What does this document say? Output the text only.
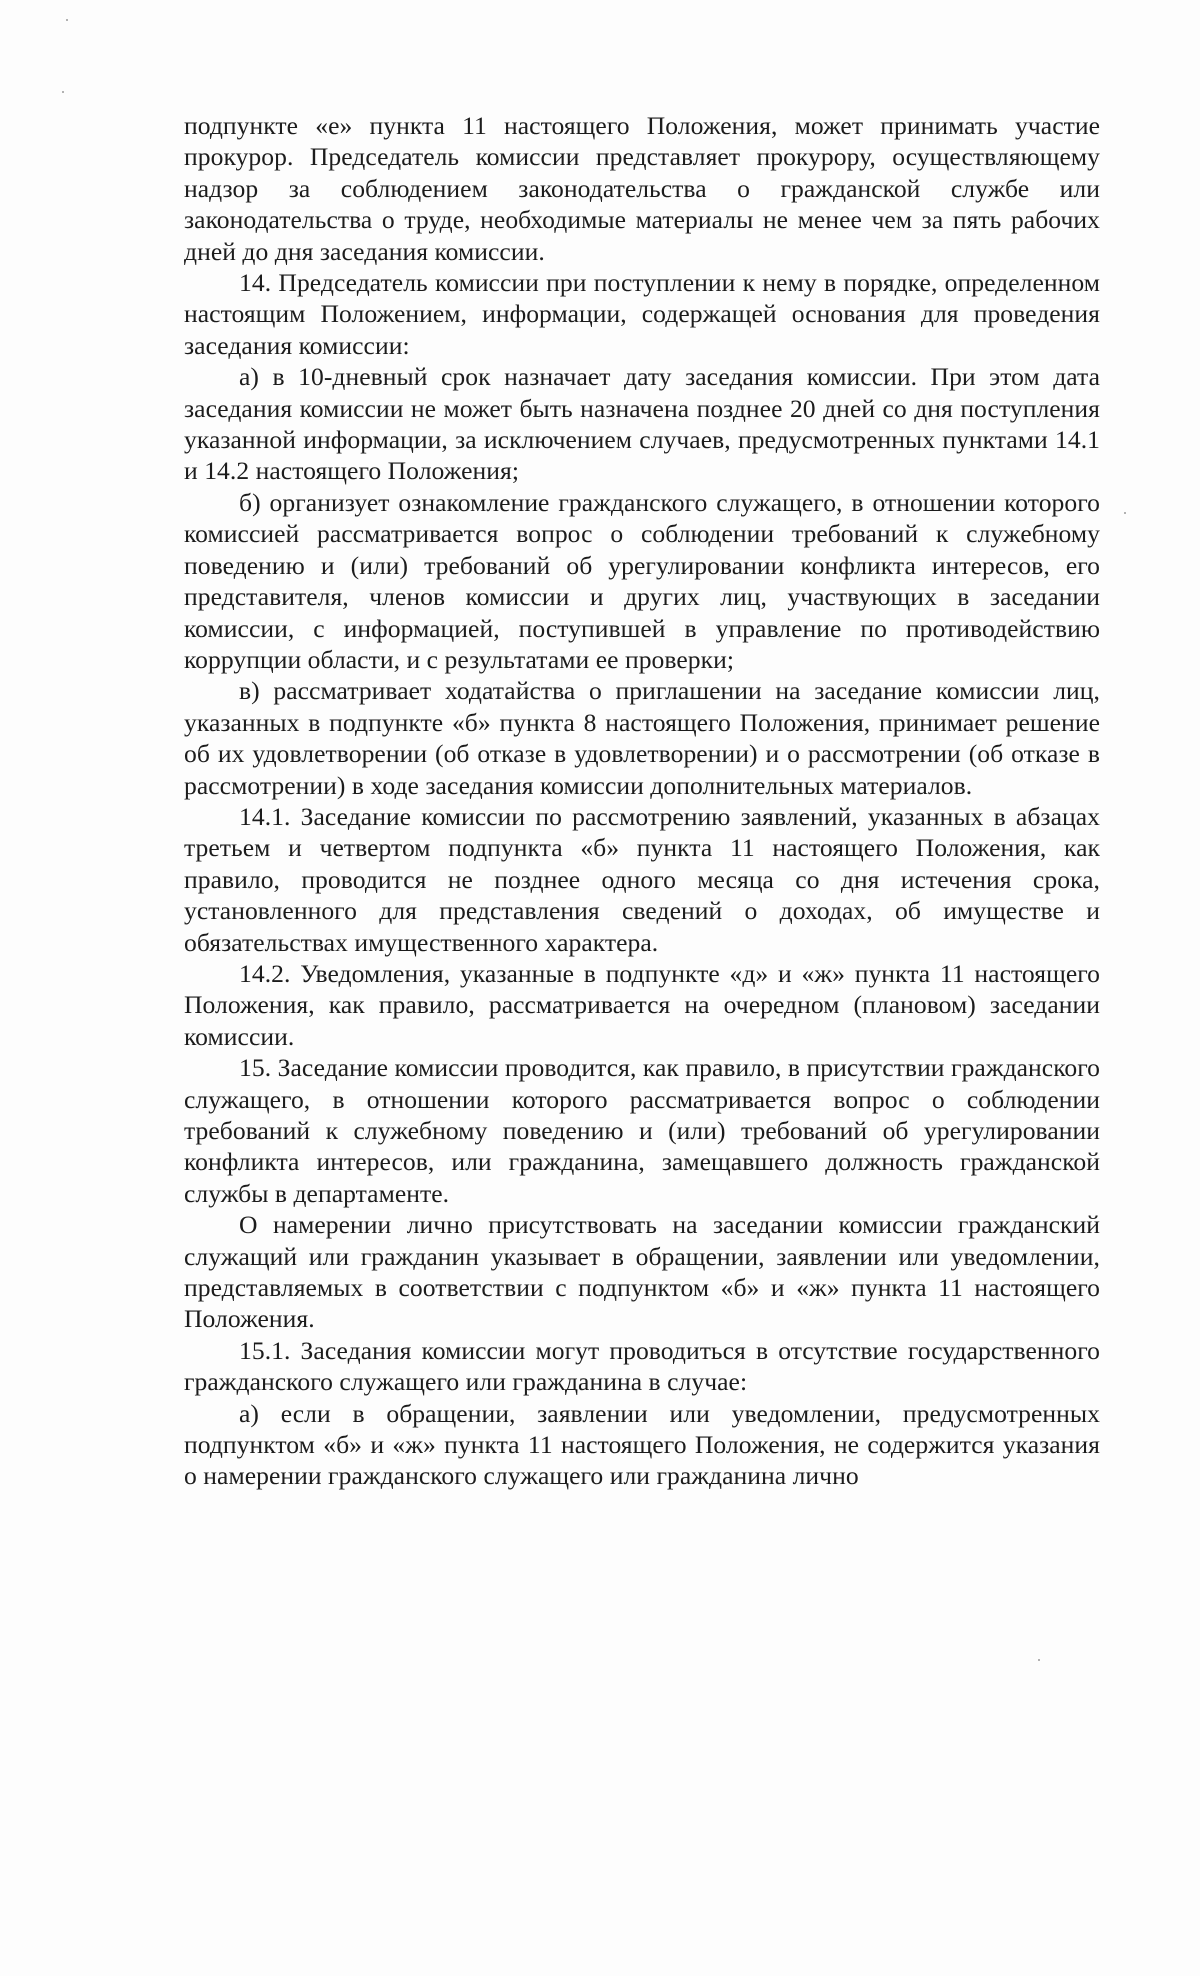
подпункте «е» пункта 11 настоящего Положения, может принимать участие прокурор. Председатель комиссии представляет прокурору, осуществляющему надзор за соблюдением законодательства о гражданской службе или законодательства о труде, необходимые материалы не менее чем за пять рабочих дней до дня заседания комиссии.

14. Председатель комиссии при поступлении к нему в порядке, определенном настоящим Положением, информации, содержащей основания для проведения заседания комиссии:

а) в 10-дневный срок назначает дату заседания комиссии. При этом дата заседания комиссии не может быть назначена позднее 20 дней со дня поступления указанной информации, за исключением случаев, предусмотренных пунктами 14.1 и 14.2 настоящего Положения;

б) организует ознакомление гражданского служащего, в отношении которого комиссией рассматривается вопрос о соблюдении требований к служебному поведению и (или) требований об урегулировании конфликта интересов, его представителя, членов комиссии и других лиц, участвующих в заседании комиссии, с информацией, поступившей в управление по противодействию коррупции области, и с результатами ее проверки;

в) рассматривает ходатайства о приглашении на заседание комиссии лиц, указанных в подпункте «б» пункта 8 настоящего Положения, принимает решение об их удовлетворении (об отказе в удовлетворении) и о рассмотрении (об отказе в рассмотрении) в ходе заседания комиссии дополнительных материалов.

14.1. Заседание комиссии по рассмотрению заявлений, указанных в абзацах третьем и четвертом подпункта «б» пункта 11 настоящего Положения, как правило, проводится не позднее одного месяца со дня истечения срока, установленного для представления сведений о доходах, об имуществе и обязательствах имущественного характера.

14.2. Уведомления, указанные в подпункте «д» и «ж» пункта 11 настоящего Положения, как правило, рассматривается на очередном (плановом) заседании комиссии.

15. Заседание комиссии проводится, как правило, в присутствии гражданского служащего, в отношении которого рассматривается вопрос о соблюдении требований к служебному поведению и (или) требований об урегулировании конфликта интересов, или гражданина, замещавшего должность гражданской службы в департаменте.

О намерении лично присутствовать на заседании комиссии гражданский служащий или гражданин указывает в обращении, заявлении или уведомлении, представляемых в соответствии с подпунктом «б» и «ж» пункта 11 настоящего Положения.

15.1. Заседания комиссии могут проводиться в отсутствие государственного гражданского служащего или гражданина в случае:

а) если в обращении, заявлении или уведомлении, предусмотренных подпунктом «б» и «ж» пункта 11 настоящего Положения, не содержится указания о намерении гражданского служащего или гражданина лично
